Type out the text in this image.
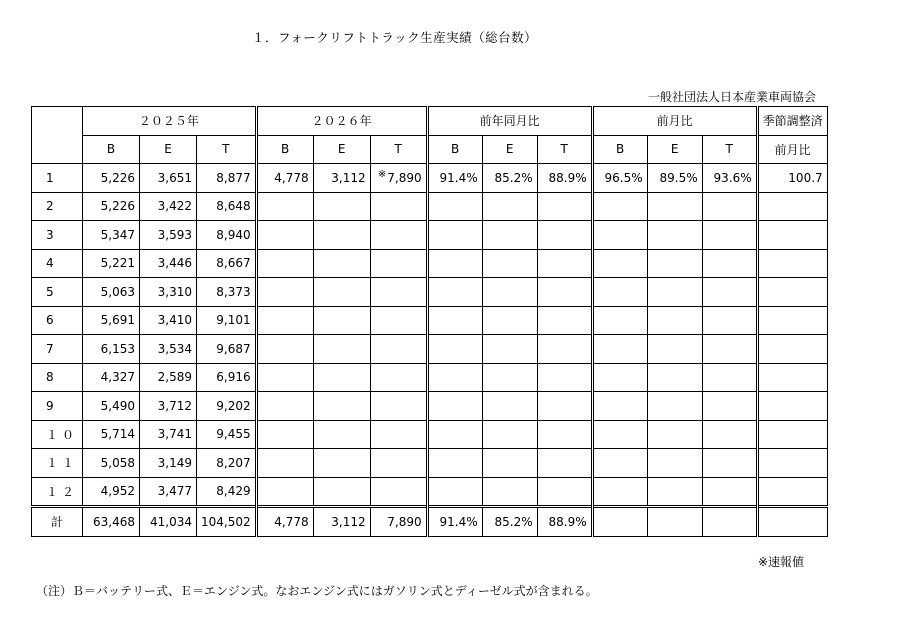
１．フォークリフトトラック生産実績（総台数）
一般社団法人日本産業車両協会
	２０２５年			２０２６年			前年同月比			前月比			季節調整済
	B	E	T	B	E	T	B	E	T	B	E	T	前月比
1	5,226	3,651	8,877	4,778	3,112	※7,890	91.4%	85.2%	88.9%	96.5%	89.5%	93.6%	100.7
2	5,226	3,422	8,648										
3	5,347	3,593	8,940										
4	5,221	3,446	8,667										
5	5,063	3,310	8,373										
6	5,691	3,410	9,101										
7	6,153	3,534	9,687										
8	4,327	2,589	6,916										
9	5,490	3,712	9,202										
１０	5,714	3,741	9,455										
１１	5,058	3,149	8,207										
１２	4,952	3,477	8,429										
計	63,468	41,034	104,502	4,778	3,112	7,890	91.4%	85.2%	88.9%				
※速報値
（注）Ｂ＝バッテリー式、Ｅ＝エンジン式。なおエンジン式にはガソリン式とディーゼル式が含まれる。
